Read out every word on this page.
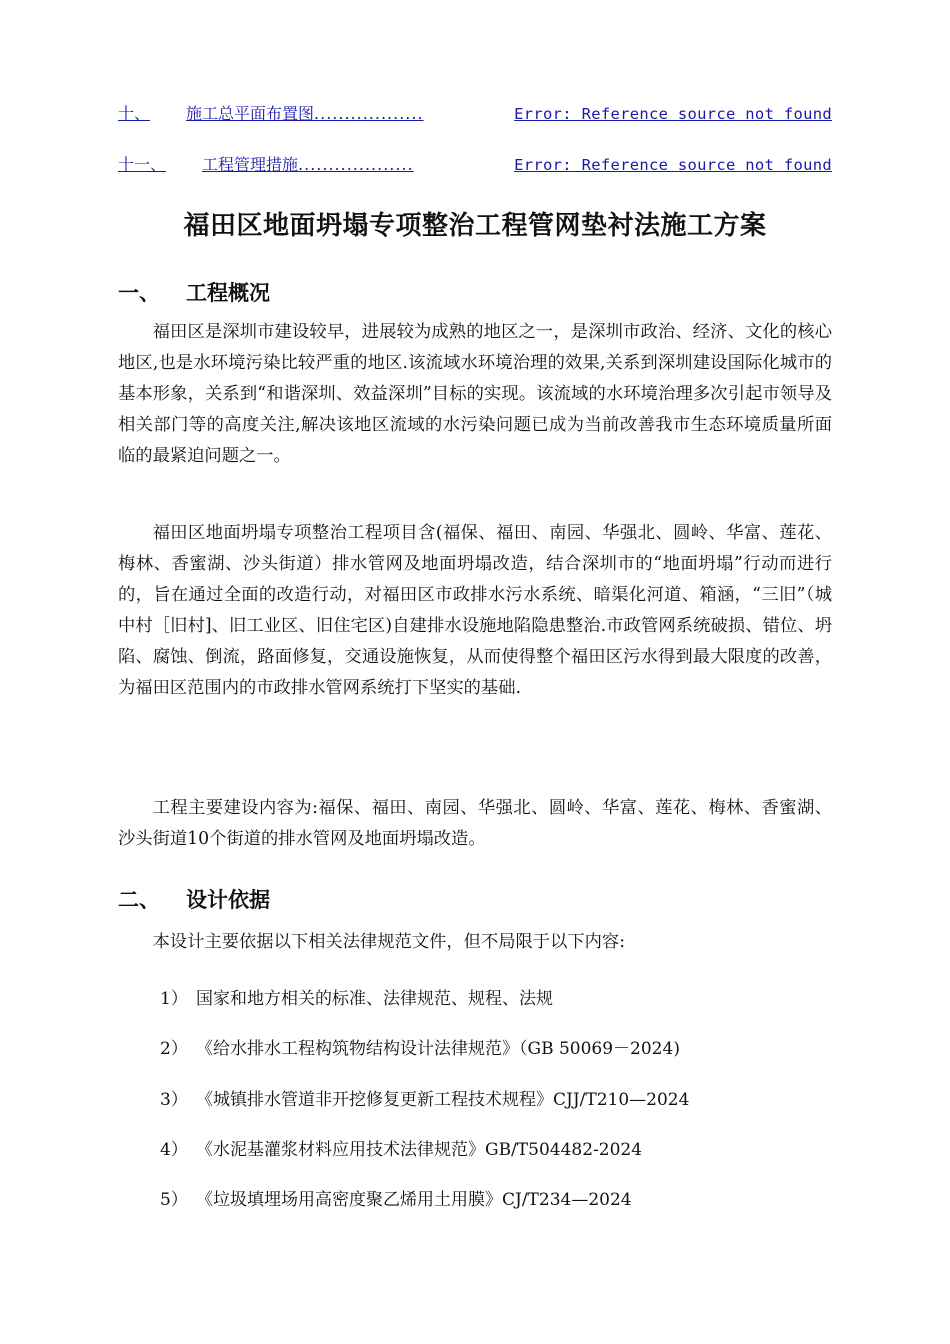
十、	施工总平面布置图 ..................	Error: Reference source not found
十一、	工程管理措施 ...................	Error: Reference source not found
福田区地面坍塌专项整治工程管网垫衬法施工方案
一、 工程概况

福田区是深圳市建设较早，进展较为成熟的地区之一，是深圳市政治、经济、文化的核心地区,也是水环境污染比较严重的地区.该流域水环境治理的效果,关系到深圳建设国际化城市的基本形象，关系到“和谐深圳、效益深圳”目标的实现。该流域的水环境治理多次引起市领导及相关部门等的高度关注,解决该地区流域的水污染问题已成为当前改善我市生态环境质量所面临的最紧迫问题之一。

福田区地面坍塌专项整治工程项目含(福保、福田、南园、华强北、圆岭、华富、莲花、梅林、香蜜湖、沙头街道）排水管网及地面坍塌改造，结合深圳市的“地面坍塌”行动而进行的，旨在通过全面的改造行动，对福田区市政排水污水系统、暗渠化河道、箱涵，“三旧”（城中村［旧村]、旧工业区、旧住宅区)自建排水设施地陷隐患整治.市政管网系统破损、错位、坍陷、腐蚀、倒流，路面修复，交通设施恢复，从而使得整个福田区污水得到最大限度的改善，为福田区范围内的市政排水管网系统打下坚实的基础.

工程主要建设内容为:福保、福田、南园、华强北、圆岭、华富、莲花、梅林、香蜜湖、沙头街道10个街道的排水管网及地面坍塌改造。

二、 设计依据

本设计主要依据以下相关法律规范文件，但不局限于以下内容:

1） 国家和地方相关的标准、法律规范、规程、法规
2） 《给水排水工程构筑物结构设计法律规范》（GB 50069－2024)
3） 《城镇排水管道非开挖修复更新工程技术规程》CJJ/T210—2024
4） 《水泥基灌浆材料应用技术法律规范》GB/T504482-2024
5） 《垃圾填埋场用高密度聚乙烯用土用膜》CJ/T234—2024
